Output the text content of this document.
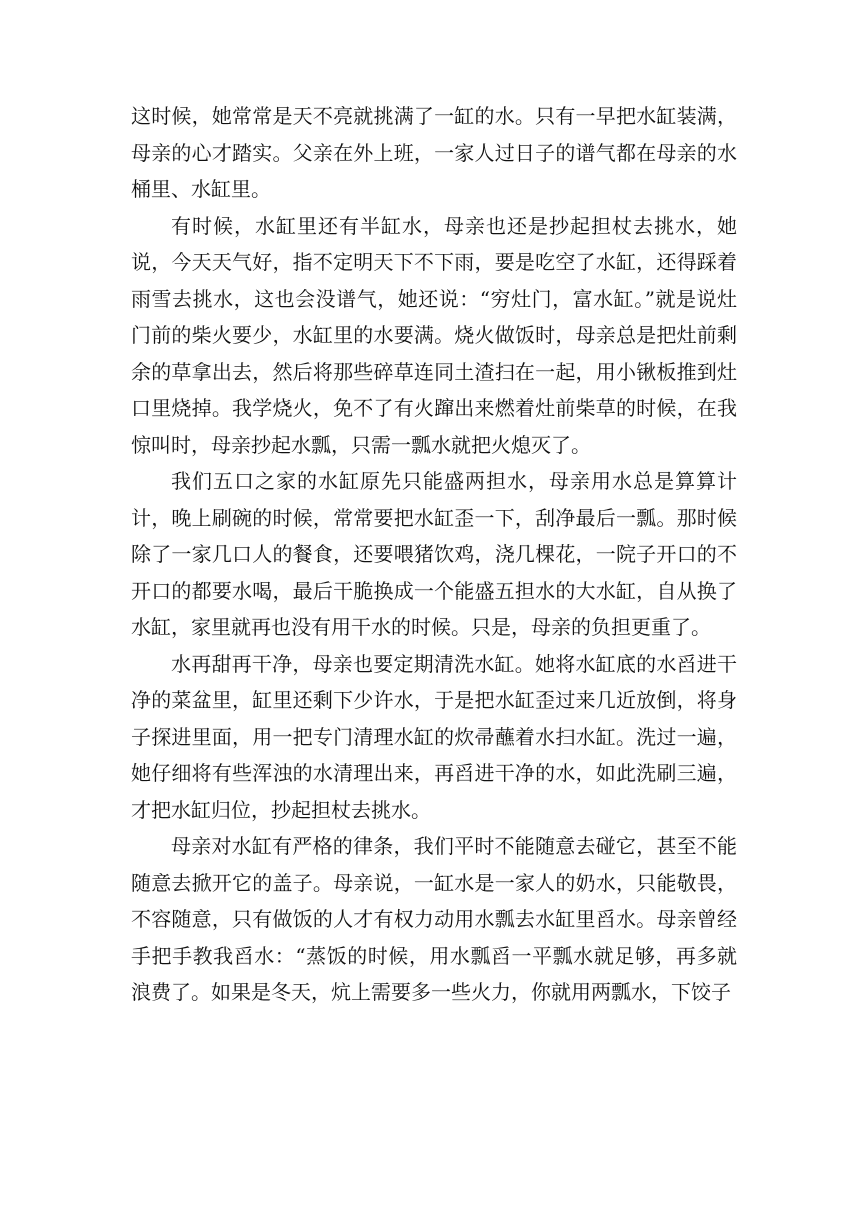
这时候，她常常是天不亮就挑满了一缸的水。只有一早把水缸装满，母亲的心才踏实。父亲在外上班，一家人过日子的谱气都在母亲的水桶里、水缸里。

有时候，水缸里还有半缸水，母亲也还是抄起担杖去挑水，她说，今天天气好，指不定明天下不下雨，要是吃空了水缸，还得踩着雨雪去挑水，这也会没谱气，她还说：“穷灶门，富水缸。”就是说灶门前的柴火要少，水缸里的水要满。烧火做饭时，母亲总是把灶前剩余的草拿出去，然后将那些碎草连同土渣扫在一起，用小锹板推到灶口里烧掉。我学烧火，免不了有火蹿出来燃着灶前柴草的时候，在我惊叫时，母亲抄起水瓢，只需一瓢水就把火熄灭了。

我们五口之家的水缸原先只能盛两担水，母亲用水总是算算计计，晚上刷碗的时候，常常要把水缸歪一下，刮净最后一瓢。那时候除了一家几口人的餐食，还要喂猪饮鸡，浇几棵花，一院子开口的不开口的都要水喝，最后干脆换成一个能盛五担水的大水缸，自从换了水缸，家里就再也没有用干水的时候。只是，母亲的负担更重了。

水再甜再干净，母亲也要定期清洗水缸。她将水缸底的水舀进干净的菜盆里，缸里还剩下少许水，于是把水缸歪过来几近放倒，将身子探进里面，用一把专门清理水缸的炊帚蘸着水扫水缸。洗过一遍，她仔细将有些浑浊的水清理出来，再舀进干净的水，如此洗刷三遍，才把水缸归位，抄起担杖去挑水。

母亲对水缸有严格的律条，我们平时不能随意去碰它，甚至不能随意去掀开它的盖子。母亲说，一缸水是一家人的奶水，只能敬畏，不容随意，只有做饭的人才有权力动用水瓢去水缸里舀水。母亲曾经手把手教我舀水：“蒸饭的时候，用水瓢舀一平瓢水就足够，再多就浪费了。如果是冬天，炕上需要多一些火力，你就用两瓢水，下饺子
